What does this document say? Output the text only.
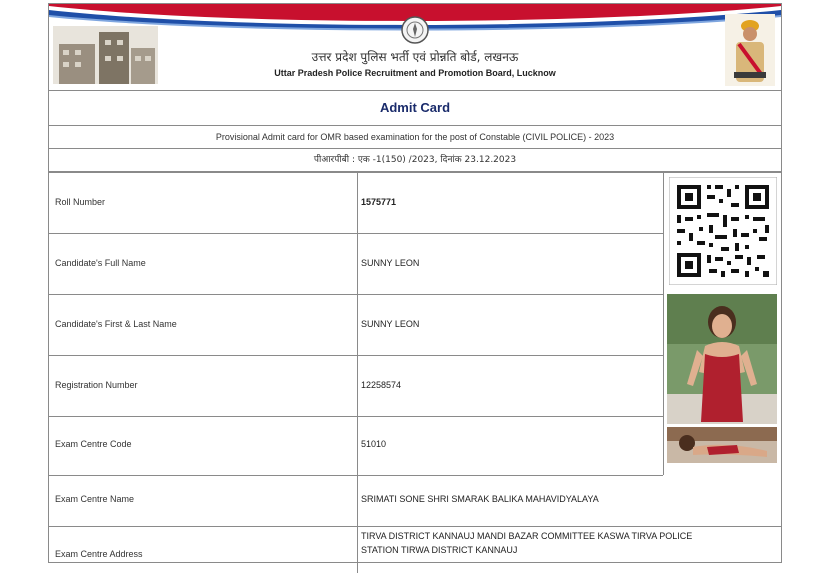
उत्तर प्रदेश पुलिस भर्ती एवं प्रोन्नति बोर्ड, लखनऊ
Uttar Pradesh Police Recruitment and Promotion Board, Lucknow
Admit Card
Provisional Admit card for OMR based examination for the post of Constable (CIVIL POLICE) - 2023
पीआरपीबी : एक -1(150) /2023, दिनांक 23.12.2023
Roll Number	1575771
Candidate's Full Name	SUNNY LEON
Candidate's First & Last Name	SUNNY LEON
Registration Number	12258574
Exam Centre Code	51010
Exam Centre Name	SRIMATI SONE SHRI SMARAK BALIKA MAHAVIDYALAYA
Exam Centre Address
TIRVA DISTRICT KANNAUJ MANDI BAZAR COMMITTEE KASWA TIRVA POLICE
STATION TIRWA DISTRICT KANNAUJ
